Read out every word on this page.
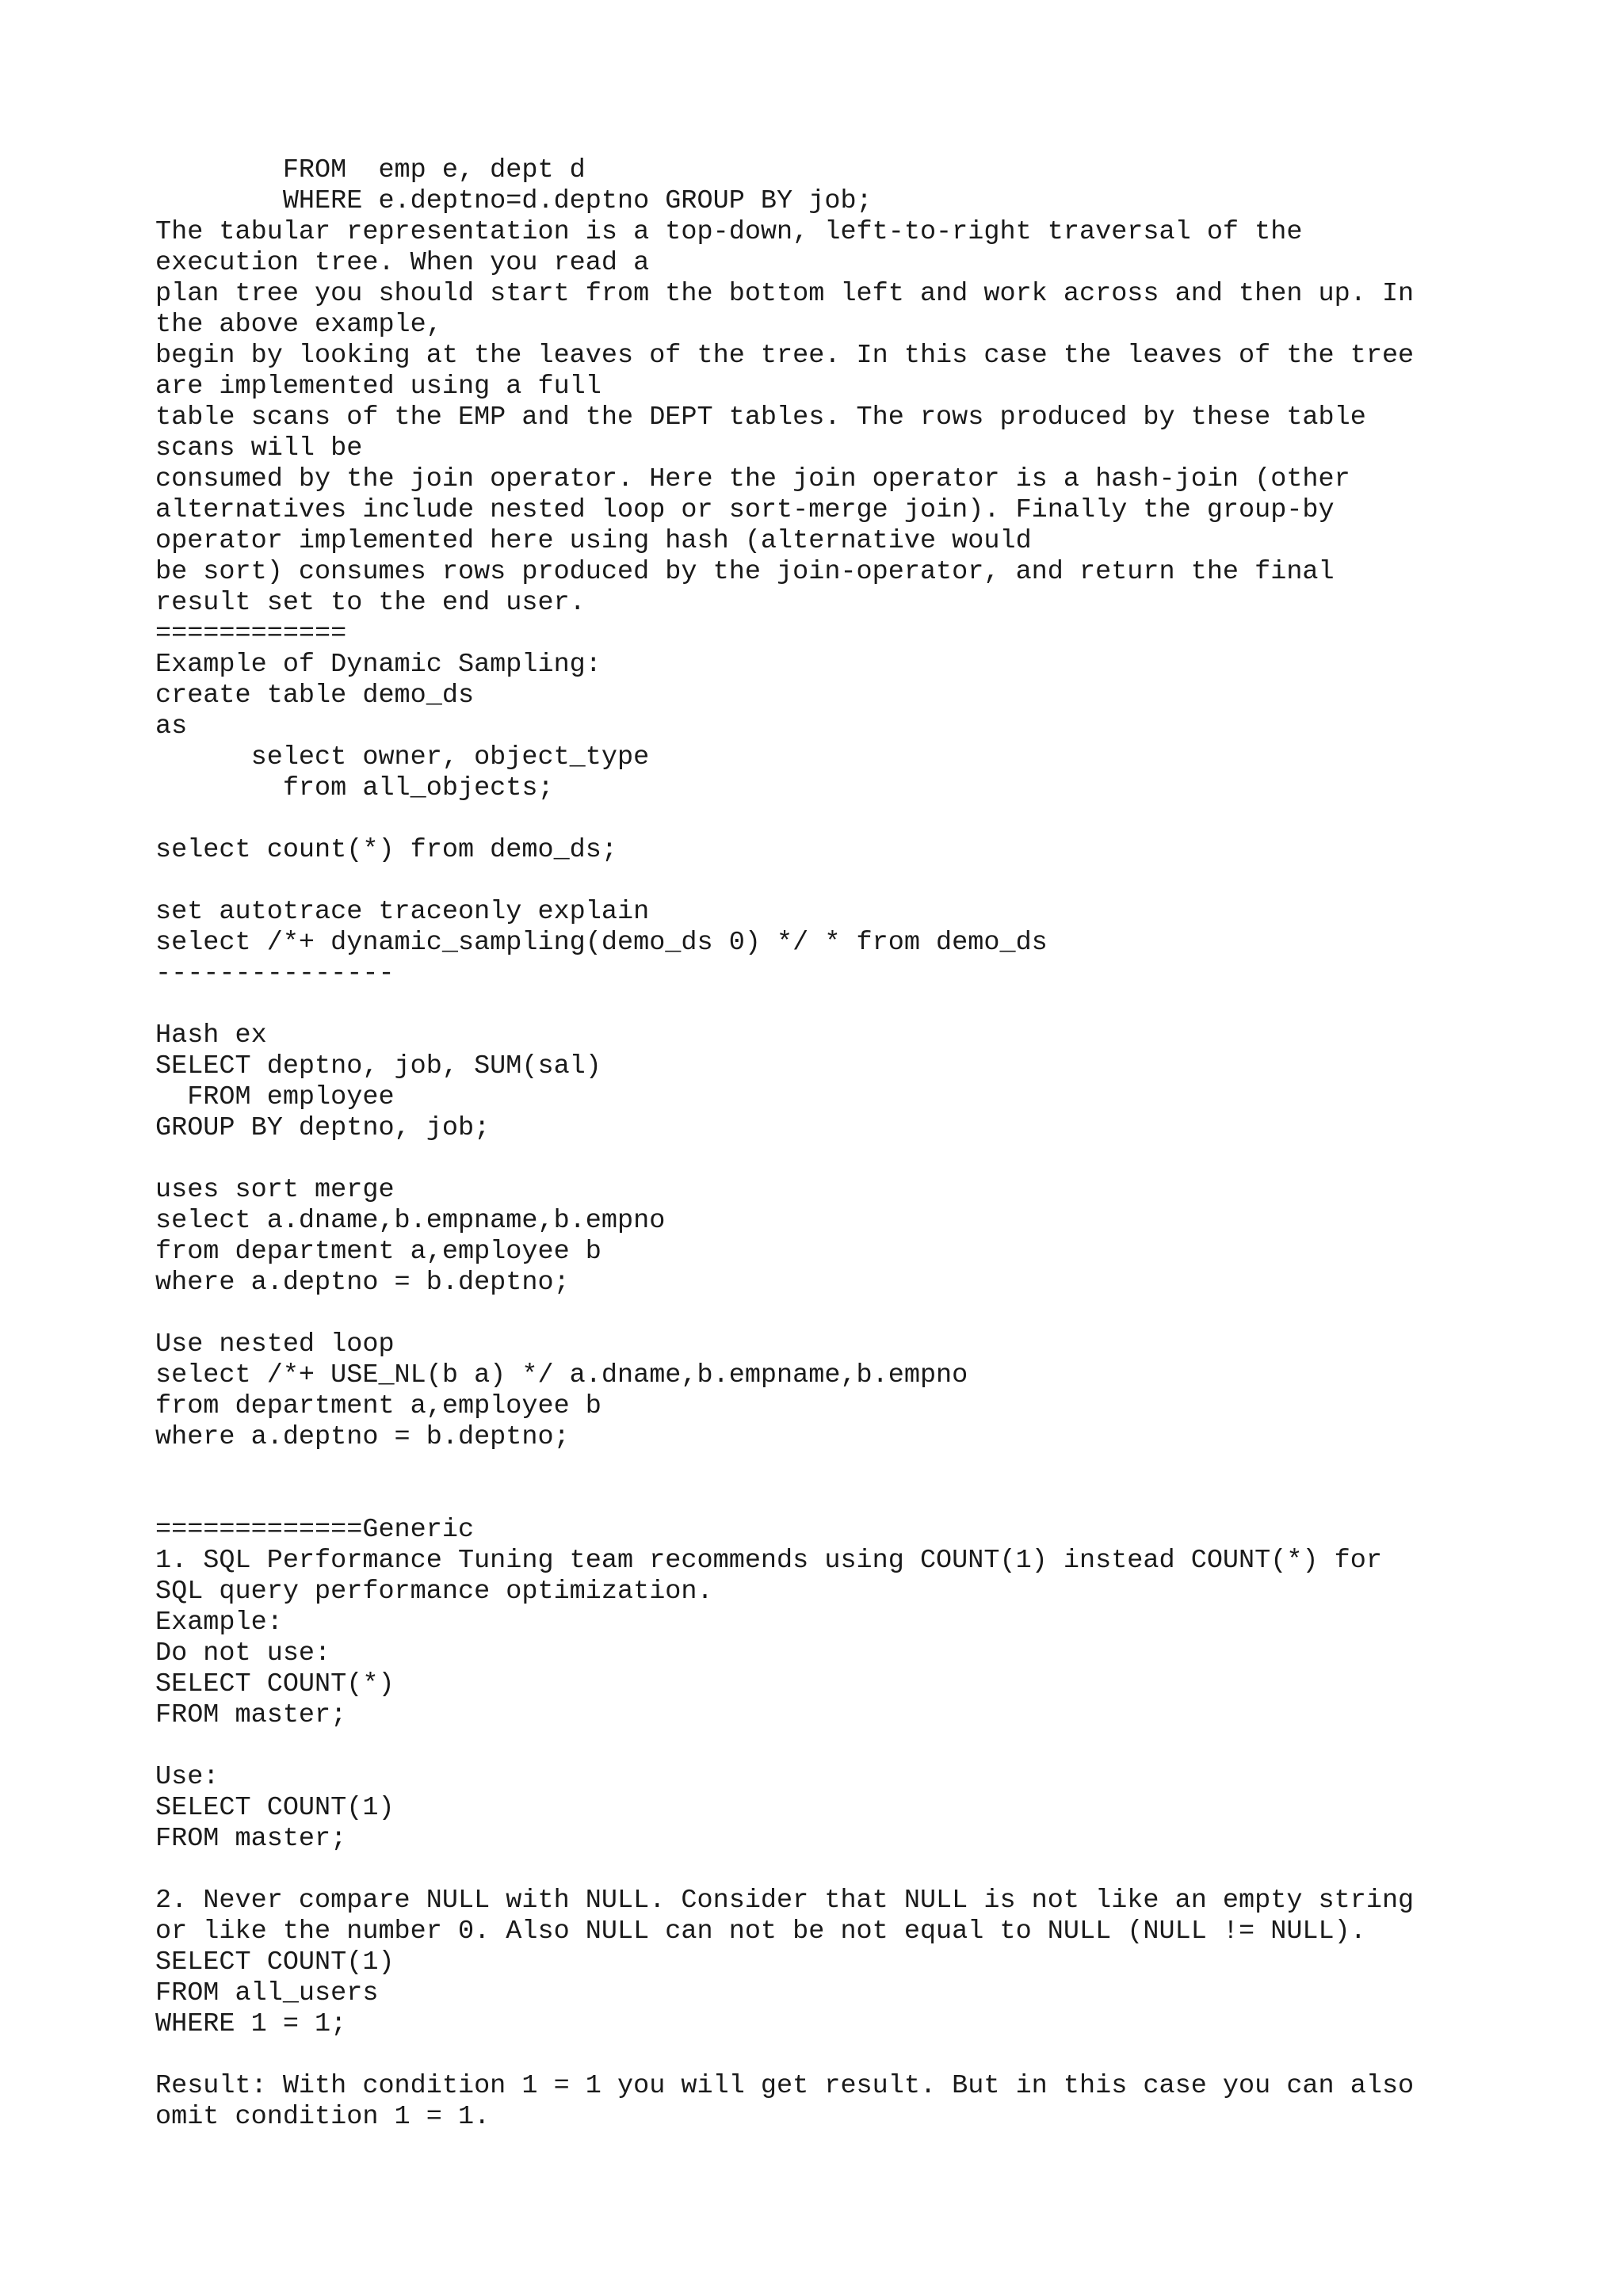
FROM  emp e, dept d
WHERE e.deptno=d.deptno GROUP BY job;
The tabular representation is a top-down, left-to-right traversal of the
execution tree. When you read a
plan tree you should start from the bottom left and work across and then up. In
the above example,
begin by looking at the leaves of the tree. In this case the leaves of the tree
are implemented using a full
table scans of the EMP and the DEPT tables. The rows produced by these table
scans will be
consumed by the join operator. Here the join operator is a hash-join (other
alternatives include nested loop or sort-merge join). Finally the group-by
operator implemented here using hash (alternative would
be sort) consumes rows produced by the join-operator, and return the final
result set to the end user.
============
Example of Dynamic Sampling:
create table demo_ds
as
select owner, object_type
from all_objects;
select count(*) from demo_ds;
set autotrace traceonly explain
select /*+ dynamic_sampling(demo_ds 0) */ * from demo_ds
---------------
Hash ex
SELECT deptno, job, SUM(sal)
FROM employee
GROUP BY deptno, job;
uses sort merge
select a.dname,b.empname,b.empno
from department a,employee b
where a.deptno = b.deptno;
Use nested loop
select /*+ USE_NL(b a) */ a.dname,b.empname,b.empno
from department a,employee b
where a.deptno = b.deptno;
=============Generic
1. SQL Performance Tuning team recommends using COUNT(1) instead COUNT(*) for
SQL query performance optimization.
Example:
Do not use:
SELECT COUNT(*)
FROM master;
Use:
SELECT COUNT(1)
FROM master;
2. Never compare NULL with NULL. Consider that NULL is not like an empty string
or like the number 0. Also NULL can not be not equal to NULL (NULL != NULL).
SELECT COUNT(1)
FROM all_users
WHERE 1 = 1;
Result: With condition 1 = 1 you will get result. But in this case you can also
omit condition 1 = 1.
